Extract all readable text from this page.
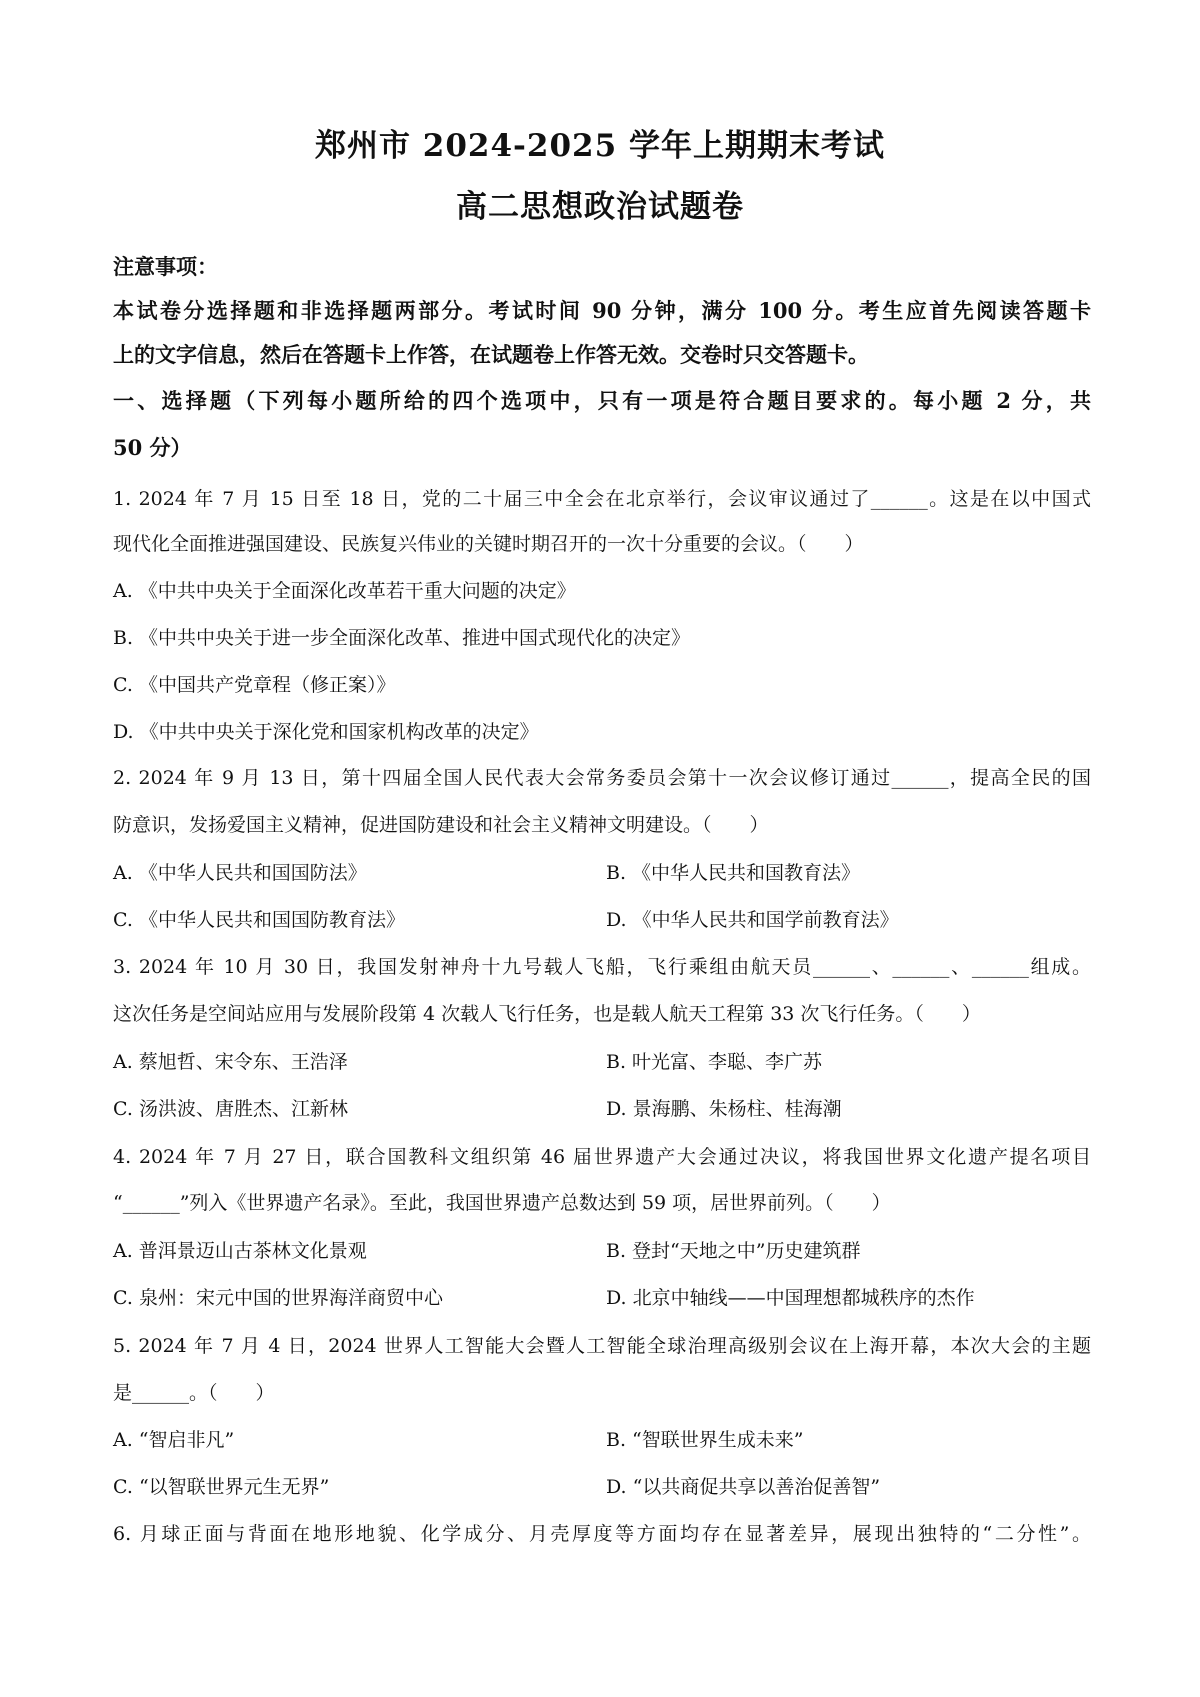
郑州市 2024-2025 学年上期期末考试
高二思想政治试题卷
注意事项：
本试卷分选择题和非选择题两部分。考试时间 90 分钟，满分 100 分。考生应首先阅读答题卡
上的文字信息，然后在答题卡上作答，在试题卷上作答无效。交卷时只交答题卡。
一、选择题（下列每小题所给的四个选项中，只有一项是符合题目要求的。每小题 2 分，共
50 分）
1. 2024 年 7 月 15 日至 18 日，党的二十届三中全会在北京举行，会议审议通过了______。这是在以中国式
现代化全面推进强国建设、民族复兴伟业的关键时期召开的一次十分重要的会议。（　　）
A. 《中共中央关于全面深化改革若干重大问题的决定》
B. 《中共中央关于进一步全面深化改革、推进中国式现代化的决定》
C. 《中国共产党章程（修正案）》
D. 《中共中央关于深化党和国家机构改革的决定》
2. 2024 年 9 月 13 日，第十四届全国人民代表大会常务委员会第十一次会议修订通过______，提高全民的国
防意识，发扬爱国主义精神，促进国防建设和社会主义精神文明建设。（　　）
A. 《中华人民共和国国防法》	B. 《中华人民共和国教育法》
C. 《中华人民共和国国防教育法》	D. 《中华人民共和国学前教育法》
3. 2024 年 10 月 30 日，我国发射神舟十九号载人飞船，飞行乘组由航天员______、______、______组成。
这次任务是空间站应用与发展阶段第 4 次载人飞行任务，也是载人航天工程第 33 次飞行任务。（　　）
A. 蔡旭哲、宋令东、王浩泽	B. 叶光富、李聪、李广苏
C. 汤洪波、唐胜杰、江新林	D. 景海鹏、朱杨柱、桂海潮
4. 2024 年 7 月 27 日，联合国教科文组织第 46 届世界遗产大会通过决议，将我国世界文化遗产提名项目
“______”列入《世界遗产名录》。至此，我国世界遗产总数达到 59 项，居世界前列。（　　）
A. 普洱景迈山古茶林文化景观	B. 登封“天地之中”历史建筑群
C. 泉州：宋元中国的世界海洋商贸中心	D. 北京中轴线——中国理想都城秩序的杰作
5. 2024 年 7 月 4 日，2024 世界人工智能大会暨人工智能全球治理高级别会议在上海开幕，本次大会的主题
是______。（　　）
A. “智启非凡”	B. “智联世界生成未来”
C. “以智联世界元生无界”	D. “以共商促共享以善治促善智”
6. 月球正面与背面在地形地貌、化学成分、月壳厚度等方面均存在显著差异，展现出独特的“二分性”。
